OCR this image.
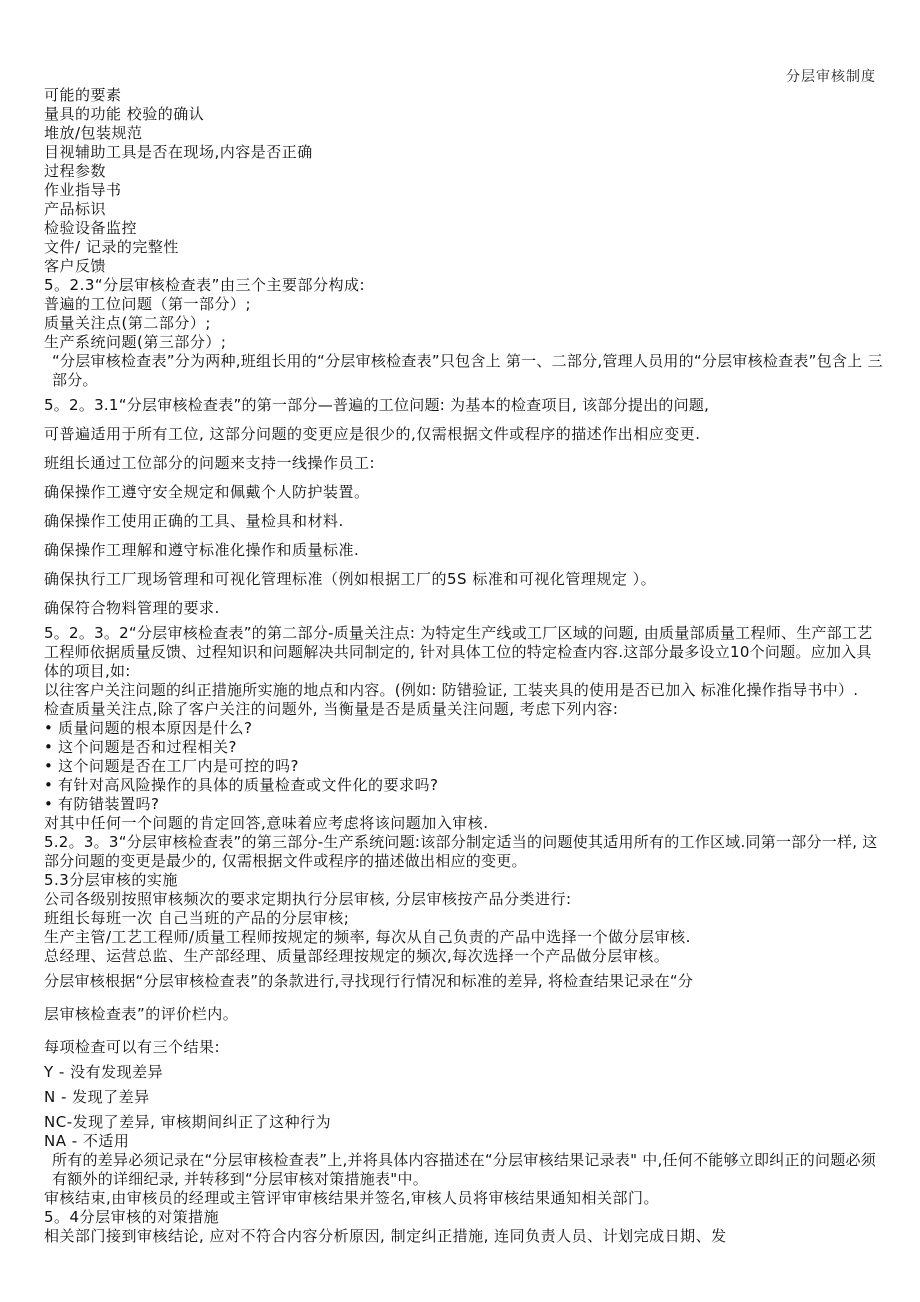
分层审核制度
可能的要素
量具的功能 校验的确认
堆放/包装规范
目视辅助工具是否在现场,内容是否正确
过程参数
作业指导书
产品标识
检验设备监控
文件/ 记录的完整性
客户反馈
5。2.3“分层审核检查表”由三个主要部分构成:
普遍的工位问题（第一部分）;
质量关注点(第二部分）;
生产系统问题(第三部分）;
“分层审核检查表”分为两种,班组长用的“分层审核检查表”只包含上 第一、二部分,管理人员用的“分层审核检查表”包含上 三 部分。
5。2。3.1“分层审核检查表”的第一部分—普遍的工位问题: 为基本的检查项目, 该部分提出的问题,
可普遍适用于所有工位, 这部分问题的变更应是很少的,仅需根据文件或程序的描述作出相应变更.
班组长通过工位部分的问题来支持一线操作员工:
确保操作工遵守安全规定和佩戴个人防护装置。
确保操作工使用正确的工具、量检具和材料.
确保操作工理解和遵守标准化操作和质量标准.
确保执行工厂现场管理和可视化管理标准（例如根据工厂的5S 标准和可视化管理规定 ）。
确保符合物料管理的要求.
5。2。3。2“分层审核检查表”的第二部分-质量关注点: 为特定生产线或工厂区域的问题, 由质量部质量工程师、生产部工艺工程师依据质量反馈、过程知识和问题解决共同制定的, 针对具体工位的特定检查内容.这部分最多设立10个问题。应加入具体的项目,如:
以往客户关注问题的纠正措施所实施的地点和内容。(例如: 防错验证, 工装夹具的使用是否已加入 标准化操作指导书中）.
检查质量关注点,除了客户关注的问题外, 当衡量是否是质量关注问题, 考虑下列内容:
• 质量问题的根本原因是什么?
• 这个问题是否和过程相关?
• 这个问题是否在工厂内是可控的吗?
• 有针对高风险操作的具体的质量检查或文件化的要求吗?
• 有防错装置吗?
对其中任何一个问题的肯定回答,意味着应考虑将该问题加入审核.
5.2。3。3“分层审核检查表”的第三部分-生产系统问题:该部分制定适当的问题使其适用所有的工作区域.同第一部分一样, 这部分问题的变更是最少的, 仅需根据文件或程序的描述做出相应的变更。
5.3分层审核的实施
公司各级别按照审核频次的要求定期执行分层审核, 分层审核按产品分类进行:
班组长每班一次 自己当班的产品的分层审核;
生产主管/工艺工程师/质量工程师按规定的频率, 每次从自己负责的产品中选择一个做分层审核.
总经理、运营总监、生产部经理、质量部经理按规定的频次,每次选择一个产品做分层审核。
分层审核根据“分层审核检查表”的条款进行,寻找现行行情况和标准的差异, 将检查结果记录在“分
层审核检查表”的评价栏内。
每项检查可以有三个结果:
Y - 没有发现差异
N - 发现了差异
NC-发现了差异, 审核期间纠正了这种行为
NA - 不适用
所有的差异必须记录在“分层审核检查表”上,并将具体内容描述在“分层审核结果记录表" 中,任何不能够立即纠正的问题必须有额外的详细纪录, 并转移到“分层审核对策措施表"中。
审核结束,由审核员的经理或主管评审审核结果并签名,审核人员将审核结果通知相关部门。
5。4分层审核的对策措施
相关部门接到审核结论, 应对不符合内容分析原因, 制定纠正措施, 连同负责人员、计划完成日期、发
